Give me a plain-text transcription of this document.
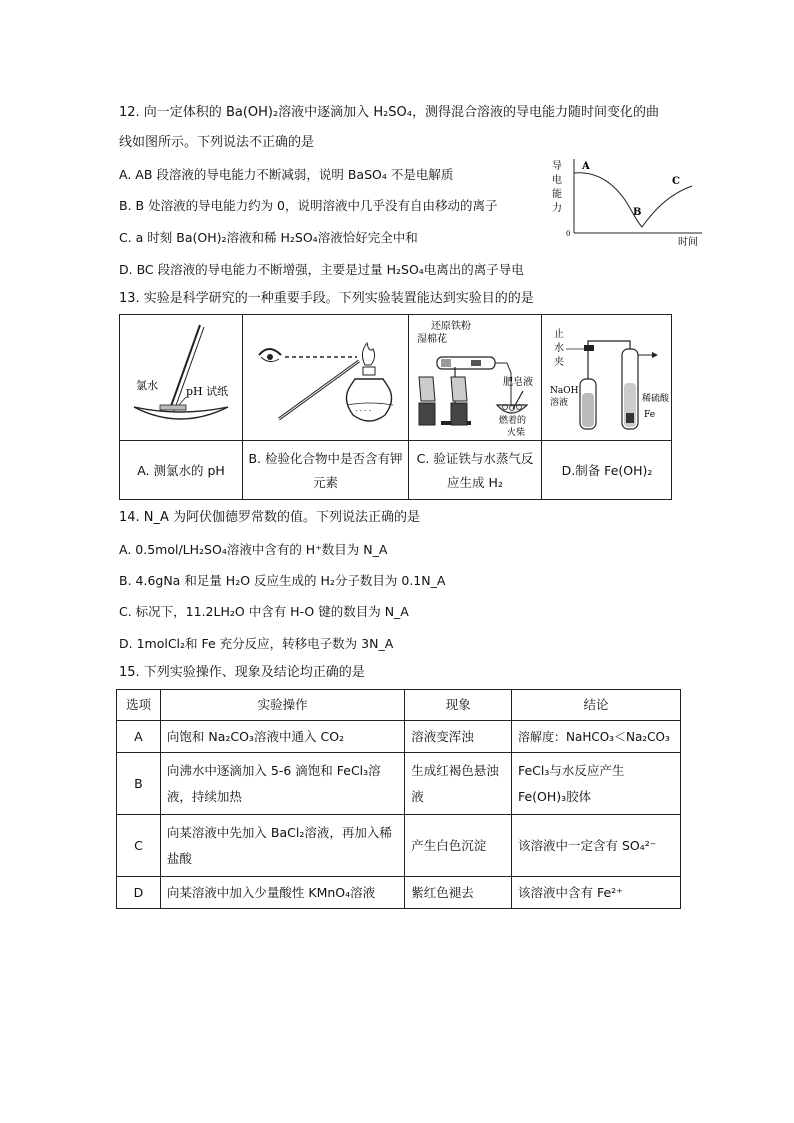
12. 向一定体积的 Ba(OH)₂溶液中逐滴加入 H₂SO₄，测得混合溶液的导电能力随时间变化的曲
线如图所示。下列说法不正确的是
A. AB 段溶液的导电能力不断减弱，说明 BaSO₄ 不是电解质
B. B 处溶液的导电能力约为 0，说明溶液中几乎没有自由移动的离子
C. a 时刻 Ba(OH)₂溶液和稀 H₂SO₄溶液恰好完全中和
D. BC 段溶液的导电能力不断增强，主要是过量 H₂SO₄电离出的离子导电
导
电
能
力
A
B
C
0
时间
13. 实验是科学研究的一种重要手段。下列实验装置能达到实验目的的是
氯水	pH 试纸
- - - -
还原铁粉
湿棉花
肥皂液
燃着的
火柴
止
水
夹
NaOH
溶液	稀硫酸
Fe
A. 测氯水的 pH
B. 检验化合物中是否含有钾元素
C. 验证铁与水蒸气反应生成 H₂
D.制备 Fe(OH)₂
14. N_A 为阿伏伽德罗常数的值。下列说法正确的是
A. 0.5mol/LH₂SO₄溶液中含有的 H⁺数目为 N_A
B. 4.6gNa 和足量 H₂O 反应生成的 H₂分子数目为 0.1N_A
C. 标况下，11.2LH₂O 中含有 H-O 键的数目为 N_A
D. 1molCl₂和 Fe 充分反应，转移电子数为 3N_A
15. 下列实验操作、现象及结论均正确的是
选项	实验操作	现象	结论
A	向饱和 Na₂CO₃溶液中通入 CO₂	溶液变浑浊	溶解度：NaHCO₃＜Na₂CO₃
B	向沸水中逐滴加入 5-6 滴饱和 FeCl₃溶液，持续加热	生成红褐色悬浊液	FeCl₃与水反应产生 Fe(OH)₃胶体
C	向某溶液中先加入 BaCl₂溶液，再加入稀盐酸	产生白色沉淀	该溶液中一定含有 SO₄²⁻
D	向某溶液中加入少量酸性 KMnO₄溶液	紫红色褪去	该溶液中含有 Fe²⁺
